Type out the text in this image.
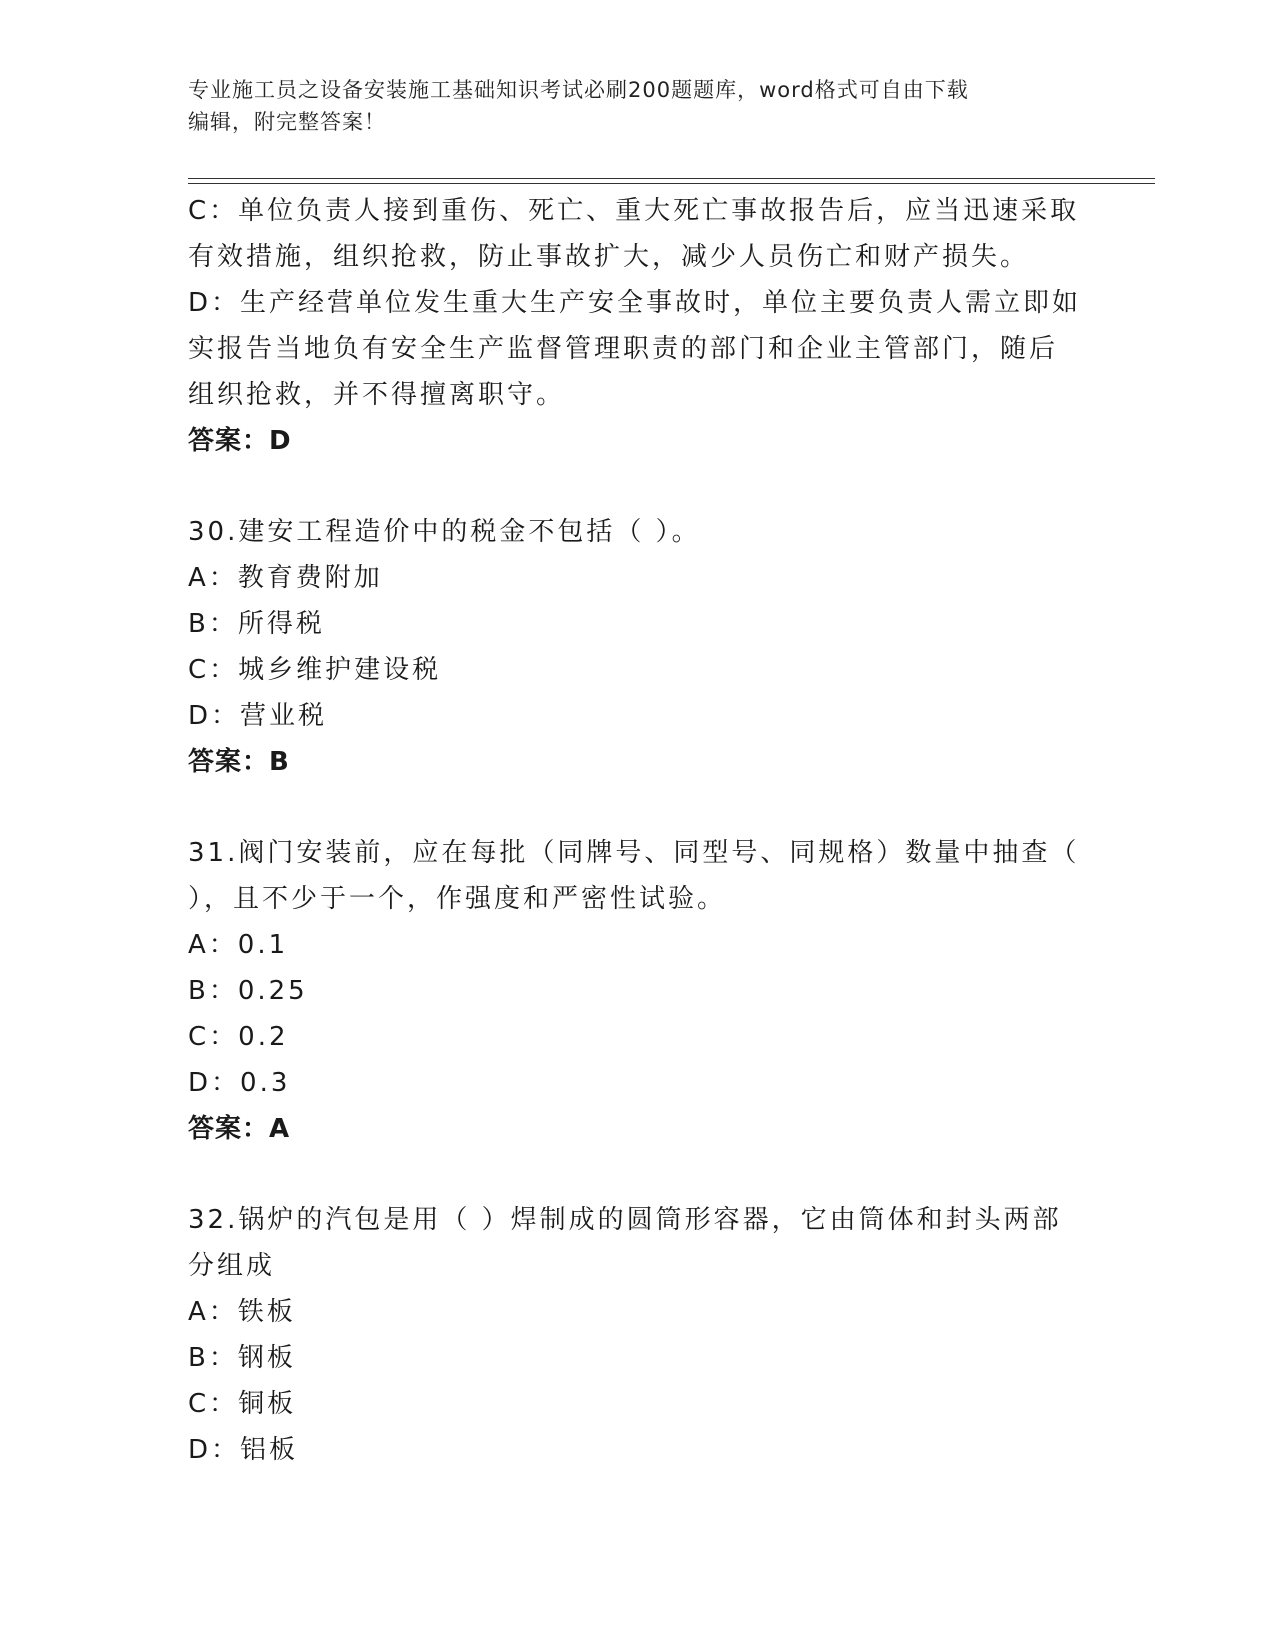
专业施工员之设备安装施工基础知识考试必刷200题题库，word格式可自由下载
编辑，附完整答案！
C：单位负责人接到重伤、死亡、重大死亡事故报告后，应当迅速采取
有效措施，组织抢救，防止事故扩大，减少人员伤亡和财产损失。
D：生产经营单位发生重大生产安全事故时，单位主要负责人需立即如
实报告当地负有安全生产监督管理职责的部门和企业主管部门，随后
组织抢救，并不得擅离职守。
答案：D
30.建安工程造价中的税金不包括（ ）。
A：教育费附加
B：所得税
C：城乡维护建设税
D：营业税
答案：B
31.阀门安装前，应在每批（同牌号、同型号、同规格）数量中抽查（
），且不少于一个，作强度和严密性试验。
A：0.1
B：0.25
C：0.2
D：0.3
答案：A
32.锅炉的汽包是用（ ）焊制成的圆筒形容器，它由筒体和封头两部
分组成
A：铁板
B：钢板
C：铜板
D：铝板
